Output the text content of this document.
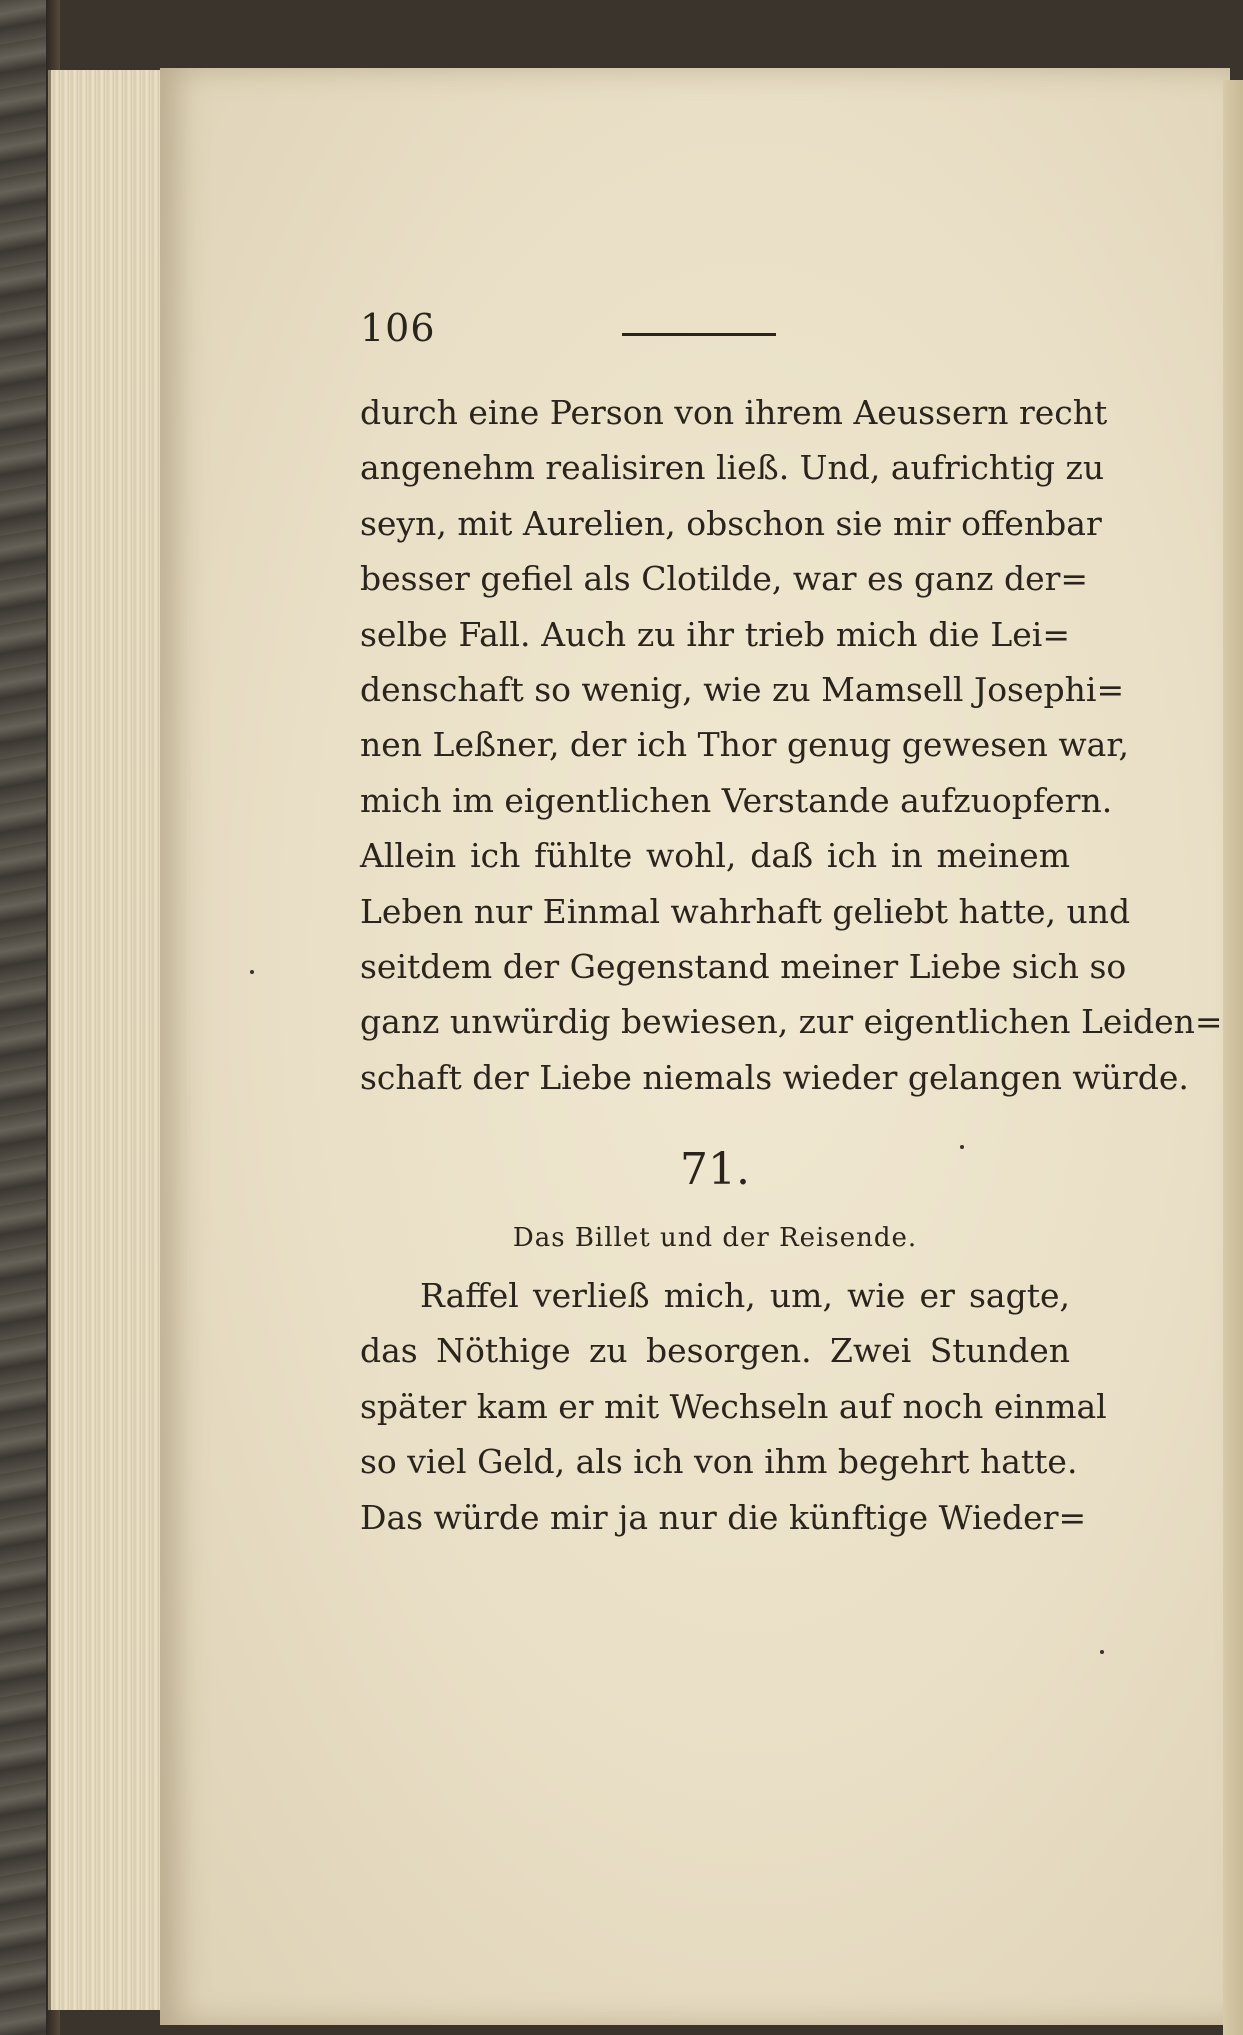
106
durch eine Person von ihrem Aeussern recht
angenehm realisiren ließ. Und, aufrichtig zu
seyn, mit Aurelien, obschon sie mir offenbar
besser gefiel als Clotilde, war es ganz der=
selbe Fall. Auch zu ihr trieb mich die Lei=
denschaft so wenig, wie zu Mamsell Josephi=
nen Leßner, der ich Thor genug gewesen war,
mich im eigentlichen Verstande aufzuopfern.
Allein ich fühlte wohl, daß ich in meinem
Leben nur Einmal wahrhaft geliebt hatte, und
seitdem der Gegenstand meiner Liebe sich so
ganz unwürdig bewiesen, zur eigentlichen Leiden=
schaft der Liebe niemals wieder gelangen würde.
71.
Das Billet und der Reisende.
Raffel verließ mich, um, wie er sagte,
das Nöthige zu besorgen. Zwei Stunden
später kam er mit Wechseln auf noch einmal
so viel Geld, als ich von ihm begehrt hatte.
Das würde mir ja nur die künftige Wieder=
